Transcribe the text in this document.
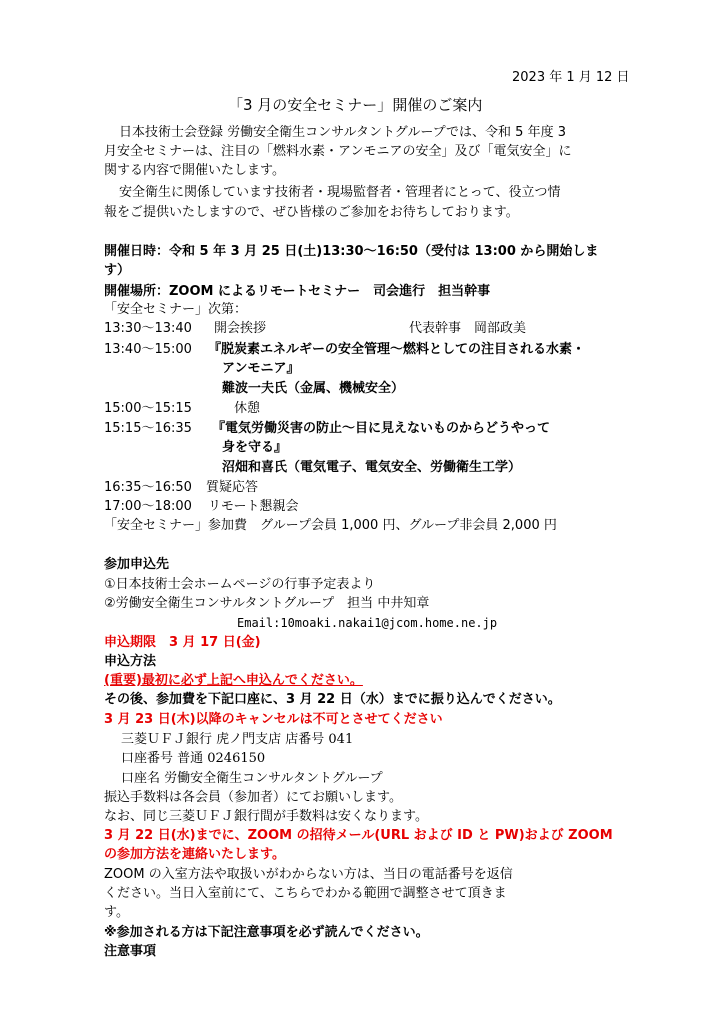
2023 年 1 月 12 日
「3 月の安全セミナー」開催のご案内
日本技術士会登録 労働安全衛生コンサルタントグループでは、令和 5 年度 3
月安全セミナーは、注目の「燃料水素・アンモニアの安全」及び「電気安全」に
関する内容で開催いたします。
安全衛生に関係しています技術者・現場監督者・管理者にとって、役立つ情
報をご提供いたしますので、ぜひ皆様のご参加をお待ちしております。
開催日時：令和 5 年 3 月 25 日(土)13:30～16:50（受付は 13:00 から開始しま
す）
開催場所：ZOOM によるリモートセミナー　司会進行　担当幹事
「安全セミナー」次第：
13:30～13:40 開会挨拶	代表幹事　岡部政美
13:40～15:00 『脱炭素エネルギーの安全管理～燃料としての注目される水素・
アンモニア』
難波一夫氏（金属、機械安全）
15:00～15:15	休憩
15:15～16:35 『電気労働災害の防止～目に見えないものからどうやって
身を守る』
沼畑和喜氏（電気電子、電気安全、労働衛生工学）
16:35～16:50 質疑応答
17:00～18:00 リモート懇親会
「安全セミナー」参加費　グループ会員 1,000 円、グループ非会員 2,000 円
参加申込先
①日本技術士会ホームページの行事予定表より
②労働安全衛生コンサルタントグループ　担当 中井知章
Email:10moaki.nakai1@jcom.home.ne.jp
申込期限　3 月 17 日(金)
申込方法
(重要)最初に必ず上記へ申込んでください。
その後、参加費を下記口座に、3 月 22 日（水）までに振り込んでください。
3 月 23 日(木)以降のキャンセルは不可とさせてください
三菱ＵＦＪ銀行 虎ノ門支店 店番号 041
口座番号 普通 0246150
口座名 労働安全衛生コンサルタントグループ
振込手数料は各会員（参加者）にてお願いします。
なお、同じ三菱ＵＦＪ銀行間が手数料は安くなります。
3 月 22 日(水)までに、ZOOM の招待メール(URL および ID と PW)および ZOOM
の参加方法を連絡いたします。
ZOOM の入室方法や取扱いがわからない方は、当日の電話番号を返信
ください。当日入室前にて、こちらでわかる範囲で調整させて頂きま
す。
※参加される方は下記注意事項を必ず読んでください。
注意事項
